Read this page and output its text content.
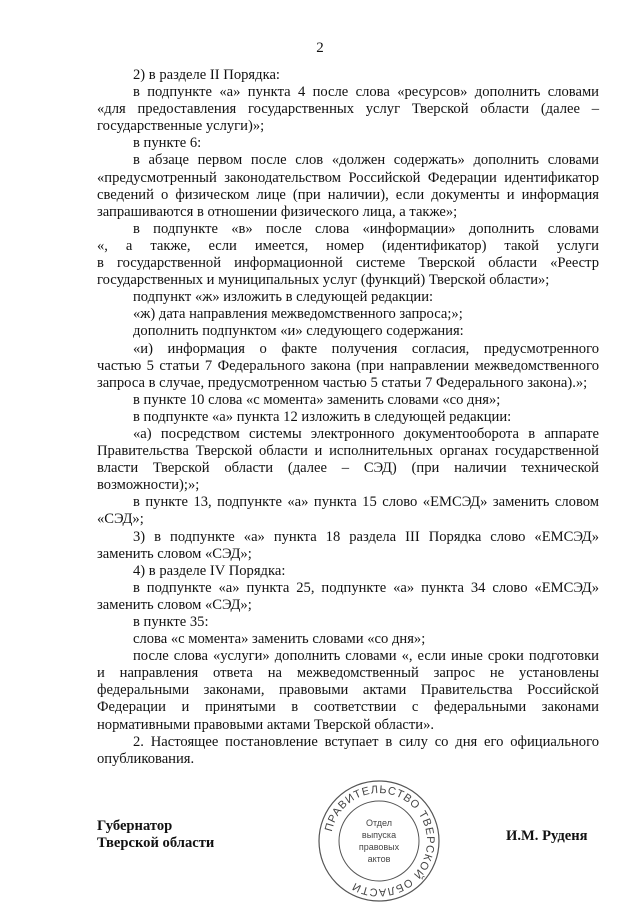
2
2) в разделе II Порядка:
в подпункте «а» пункта 4 после слова «ресурсов» дополнить словами
«для предоставления государственных услуг Тверской области (далее –
государственные услуги)»;
в пункте 6:
в абзаце первом после слов «должен содержать» дополнить словами
«предусмотренный законодательством Российской Федерации идентификатор
сведений о физическом лице (при наличии), если документы и информация
запрашиваются в отношении физического лица, а также»;
в подпункте «в» после слова «информации» дополнить словами
«, а также, если имеется, номер (идентификатор) такой услуги
в государственной информационной системе Тверской области «Реестр
государственных и муниципальных услуг (функций) Тверской области»;
подпункт «ж» изложить в следующей редакции:
«ж) дата направления межведомственного запроса;»;
дополнить подпунктом «и» следующего содержания:
«и) информация о факте получения согласия, предусмотренного
частью 5 статьи 7 Федерального закона (при направлении межведомственного
запроса в случае, предусмотренном частью 5 статьи 7 Федерального закона).»;
в пункте 10 слова «с момента» заменить словами «со дня»;
в подпункте «а» пункта 12 изложить в следующей редакции:
«а) посредством системы электронного документооборота в аппарате
Правительства Тверской области и исполнительных органах государственной
власти Тверской области (далее – СЭД) (при наличии технической
возможности);»;
в пункте 13, подпункте «а» пункта 15 слово «ЕМСЭД» заменить словом
«СЭД»;
3) в подпункте «а» пункта 18 раздела III Порядка слово «ЕМСЭД»
заменить словом «СЭД»;
4) в разделе IV Порядка:
в подпункте «а» пункта 25, подпункте «а» пункта 34 слово «ЕМСЭД»
заменить словом «СЭД»;
в пункте 35:
слова «с момента» заменить словами «со дня»;
после слова «услуги» дополнить словами «, если иные сроки подготовки
и направления ответа на межведомственный запрос не установлены
федеральными законами, правовыми актами Правительства Российской
Федерации и принятыми в соответствии с федеральными законами
нормативными правовыми актами Тверской области».
2. Настоящее постановление вступает в силу со дня его официального
опубликования.
Губернатор
Тверской области
ПРАВИТЕЛЬСТВО ТВЕРСКОЙ ОБЛАСТИ
Отдел
выпуска
правовых
актов
И.М. Руденя
